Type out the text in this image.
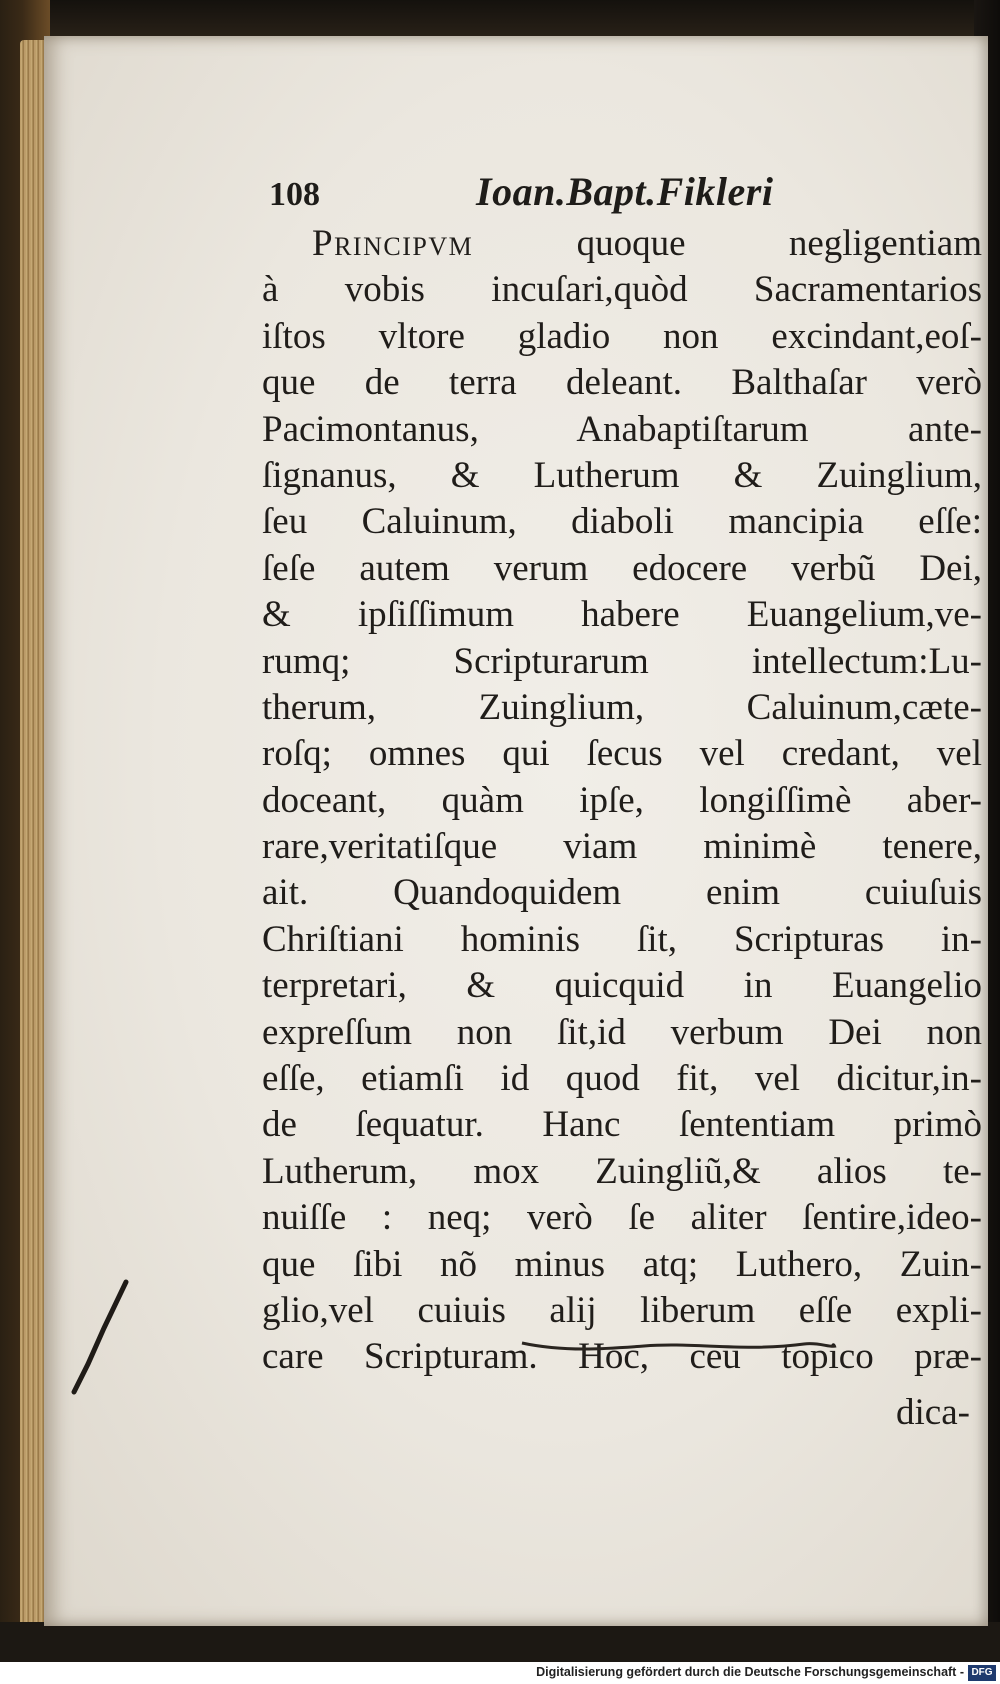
108	Ioan.Bapt.Fikleri
Principvm quoque negligentiam
à vobis incuſari,quòd Sacramentarios
iſtos vltore gladio non excindant,eoſ-
que de terra deleant. Balthaſar verò
Pacimontanus, Anabaptiſtarum ante-
ſignanus, & Lutherum & Zuinglium,
ſeu Caluinum, diaboli mancipia eſſe:
ſeſe autem verum edocere verbũ Dei,
& ipſiſſimum habere Euangelium,ve-
rumq; Scripturarum intellectum:Lu-
therum, Zuinglium, Caluinum,cæte-
roſq; omnes qui ſecus vel credant, vel
doceant, quàm ipſe, longiſſimè aber-
rare,veritatiſque viam minimè tenere,
ait. Quandoquidem enim cuiuſuis
Chriſtiani hominis ſit, Scripturas in-
terpretari, & quicquid in Euangelio
expreſſum non ſit,id verbum Dei non
eſſe, etiamſi id quod fit, vel dicitur,in-
de ſequatur. Hanc ſententiam primò
Lutherum, mox Zuingliũ,& alios te-
nuiſſe : neq; verò ſe aliter ſentire,ideo-
que ſibi nõ minus atq; Luthero, Zuin-
glio,vel cuiuis alij liberum eſſe expli-
care Scripturam. Hoc, ceu topico præ-
dica-
Digitalisierung gefördert durch die Deutsche Forschungsgemeinschaft - DFG
